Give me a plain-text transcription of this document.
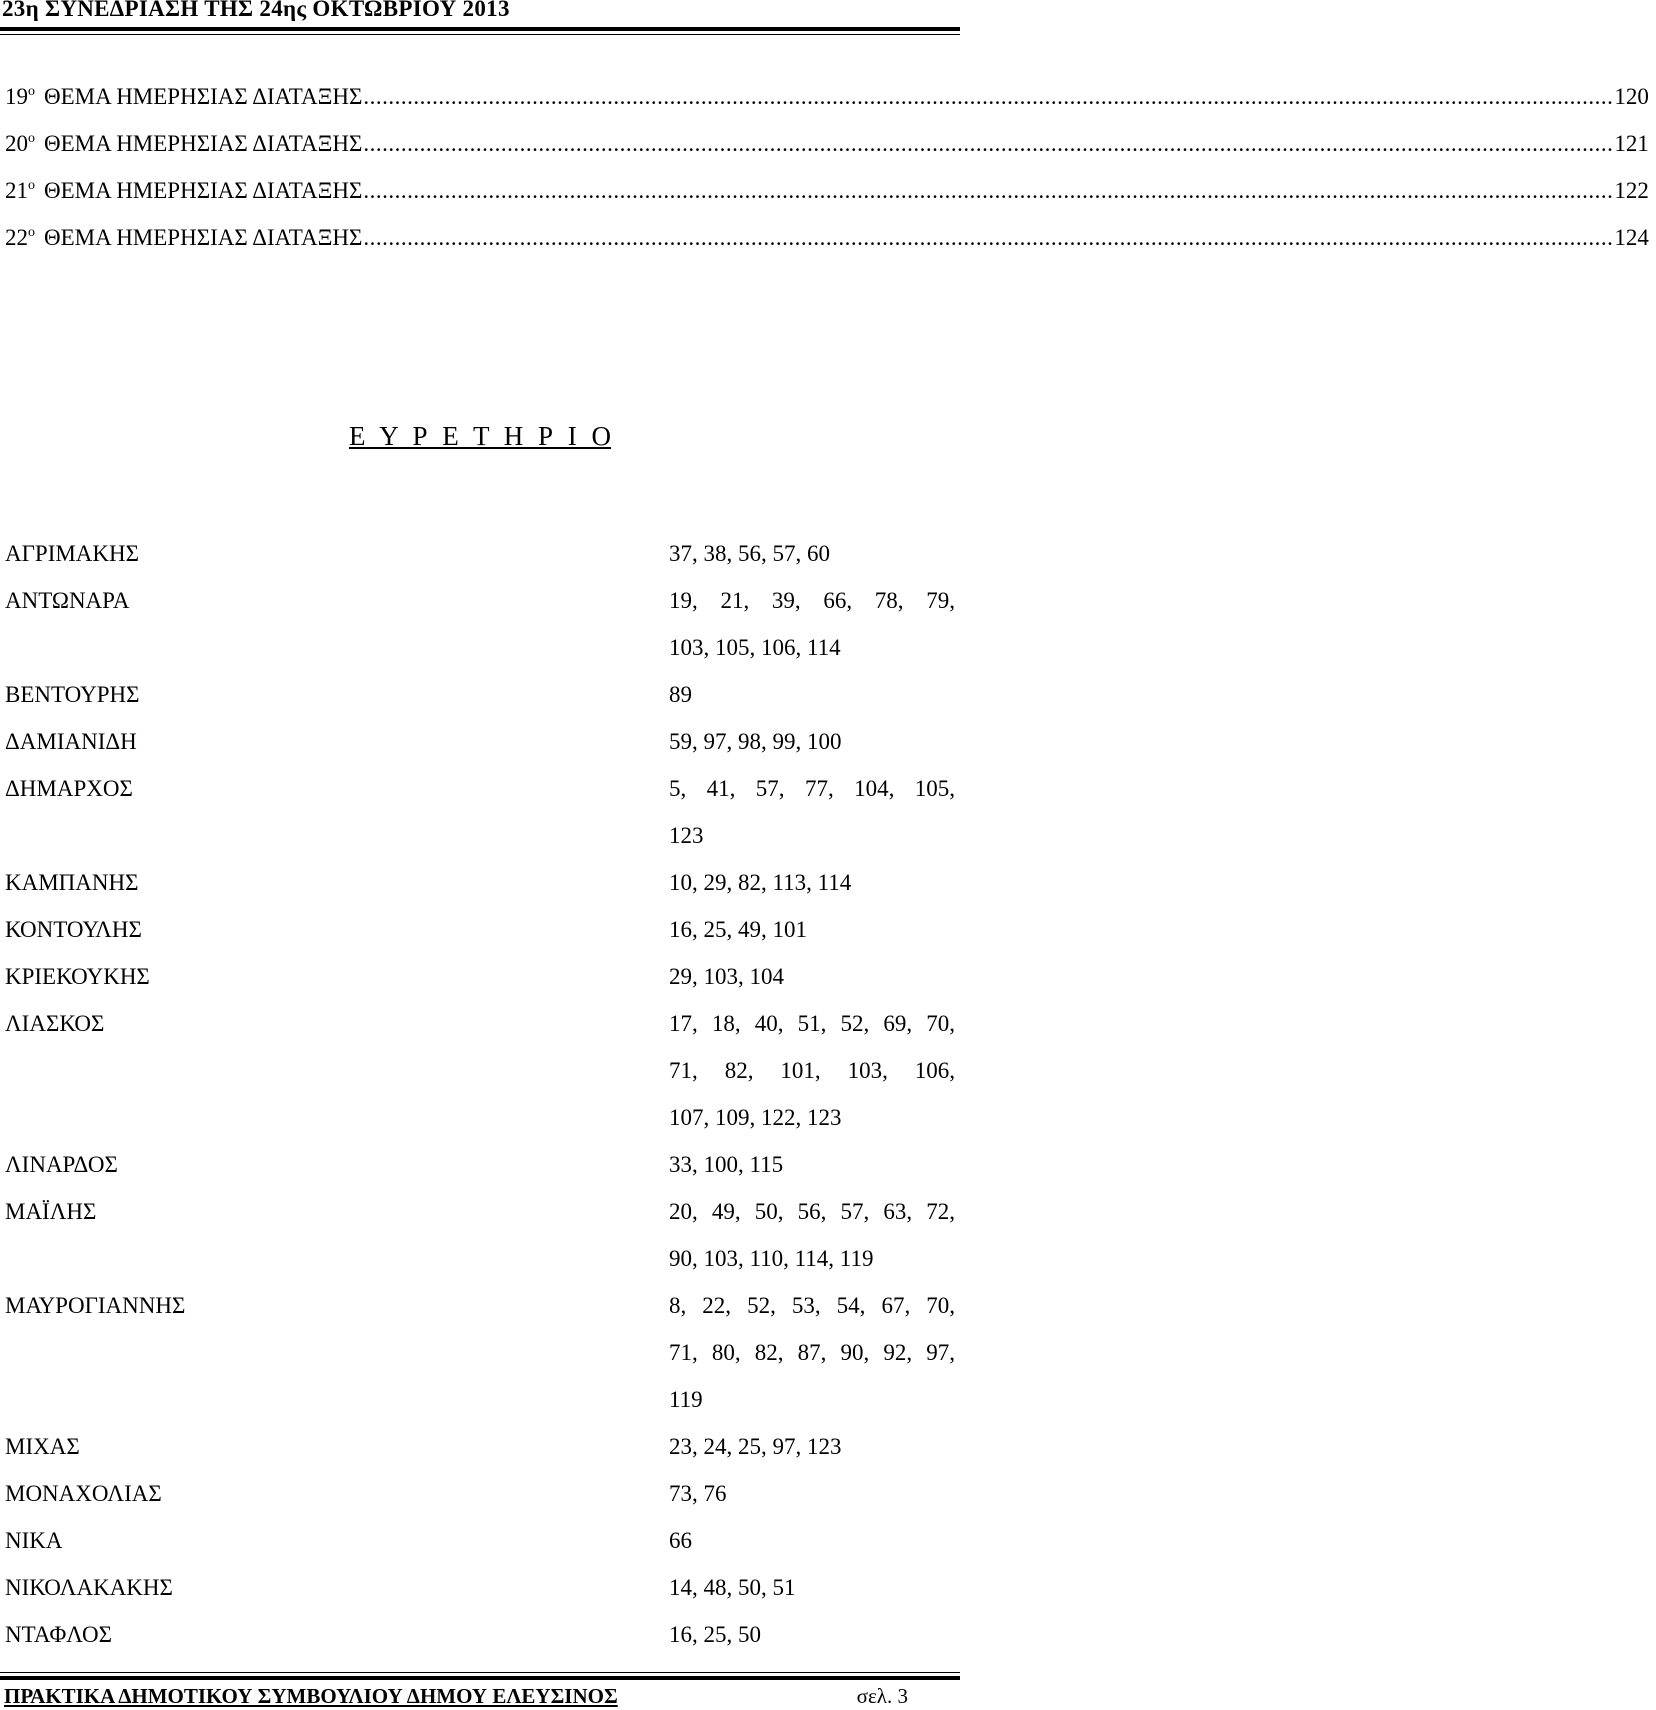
23η ΣΥΝΕΔΡΙΑΣΗ ΤΗΣ 24ης ΟΚΤΩΒΡΙΟΥ 2013
$19^o$ ΘΕΜΑ ΗΜΕΡΗΣΙΑΣ ΔΙΑΤΑΞΗΣ ........................................................................................................................................................................................................ 120
$20^o$ ΘΕΜΑ ΗΜΕΡΗΣΙΑΣ ΔΙΑΤΑΞΗΣ ........................................................................................................................................................................................................ 121
$21^o$ ΘΕΜΑ ΗΜΕΡΗΣΙΑΣ ΔΙΑΤΑΞΗΣ ........................................................................................................................................................................................................ 122
$22^o$ ΘΕΜΑ ΗΜΕΡΗΣΙΑΣ ΔΙΑΤΑΞΗΣ ........................................................................................................................................................................................................ 124
Ε Υ Ρ Ε Τ Η Ρ Ι Ο
ΑΓΡΙΜΑΚΗΣ	37, 38, 56, 57, 60
ΑΝΤΩΝΑΡΑ	19, 21, 39, 66, 78, 79,
103, 105, 106, 114
ΒΕΝΤΟΥΡΗΣ	89
ΔΑΜΙΑΝΙΔΗ	59, 97, 98, 99, 100
ΔΗΜΑΡΧΟΣ	5, 41, 57, 77, 104, 105,
123
ΚΑΜΠΑΝΗΣ	10, 29, 82, 113, 114
ΚΟΝΤΟΥΛΗΣ	16, 25, 49, 101
ΚΡΙΕΚΟΥΚΗΣ	29, 103, 104
ΛΙΑΣΚΟΣ	17, 18, 40, 51, 52, 69, 70,
71, 82, 101, 103, 106,
107, 109, 122, 123
ΛΙΝΑΡΔΟΣ	33, 100, 115
ΜΑΪΛΗΣ	20, 49, 50, 56, 57, 63, 72,
90, 103, 110, 114, 119
ΜΑΥΡΟΓΙΑΝΝΗΣ	8, 22, 52, 53, 54, 67, 70,
71, 80, 82, 87, 90, 92, 97,
119
ΜΙΧΑΣ	23, 24, 25, 97, 123
ΜΟΝΑΧΟΛΙΑΣ	73, 76
ΝΙΚΑ	66
ΝΙΚΟΛΑΚΑΚΗΣ	14, 48, 50, 51
ΝΤΑΦΛΟΣ	16, 25, 50
ΠΡΑΚΤΙΚΑ ΔΗΜΟΤΙΚΟΥ ΣΥΜΒΟΥΛΙΟΥ ΔΗΜΟΥ ΕΛΕΥΣΙΝΟΣ	σελ. 3
